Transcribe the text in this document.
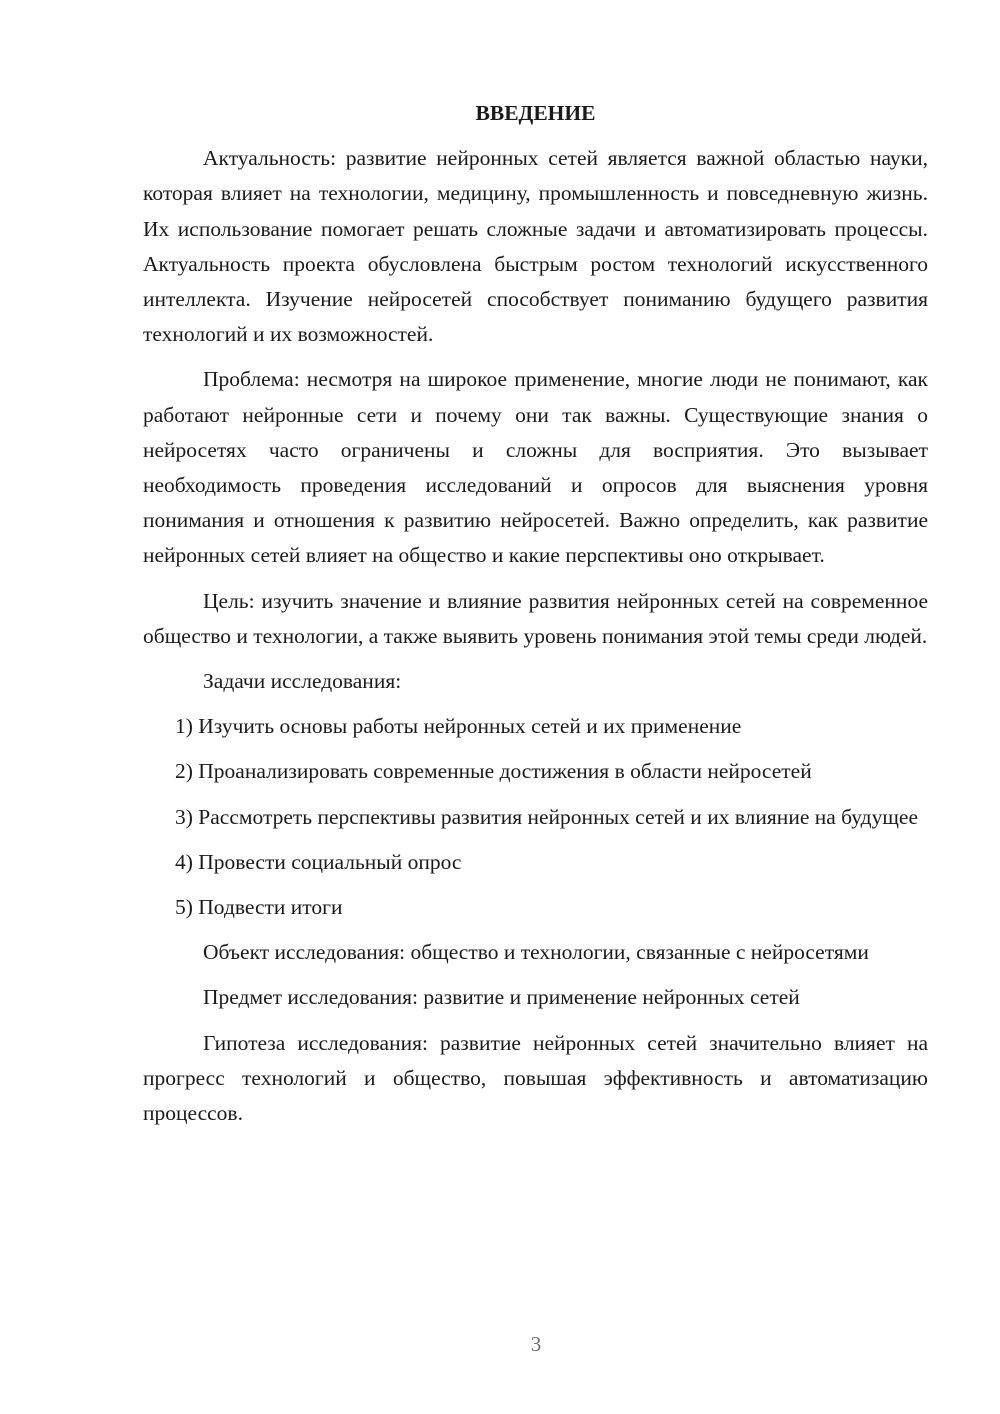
ВВЕДЕНИЕ

Актуальность: развитие нейронных сетей является важной областью науки, которая влияет на технологии, медицину, промышленность и повседневную жизнь. Их использование помогает решать сложные задачи и автоматизировать процессы. Актуальность проекта обусловлена быстрым ростом технологий искусственного интеллекта. Изучение нейросетей способствует пониманию будущего развития технологий и их возможностей.

Проблема: несмотря на широкое применение, многие люди не понимают, как работают нейронные сети и почему они так важны. Существующие знания о нейросетях часто ограничены и сложны для восприятия. Это вызывает необходимость проведения исследований и опросов для выяснения уровня понимания и отношения к развитию нейросетей. Важно определить, как развитие нейронных сетей влияет на общество и какие перспективы оно открывает.

Цель: изучить значение и влияние развития нейронных сетей на современное общество и технологии, а также выявить уровень понимания этой темы среди людей.

Задачи исследования:

1) Изучить основы работы нейронных сетей и их применение

2) Проанализировать современные достижения в области нейросетей

3) Рассмотреть перспективы развития нейронных сетей и их влияние на будущее

4) Провести социальный опрос

5) Подвести итоги

Объект исследования: общество и технологии, связанные с нейросетями

Предмет исследования: развитие и применение нейронных сетей

Гипотеза исследования: развитие нейронных сетей значительно влияет на прогресс технологий и общество, повышая эффективность и автоматизацию процессов.

3
